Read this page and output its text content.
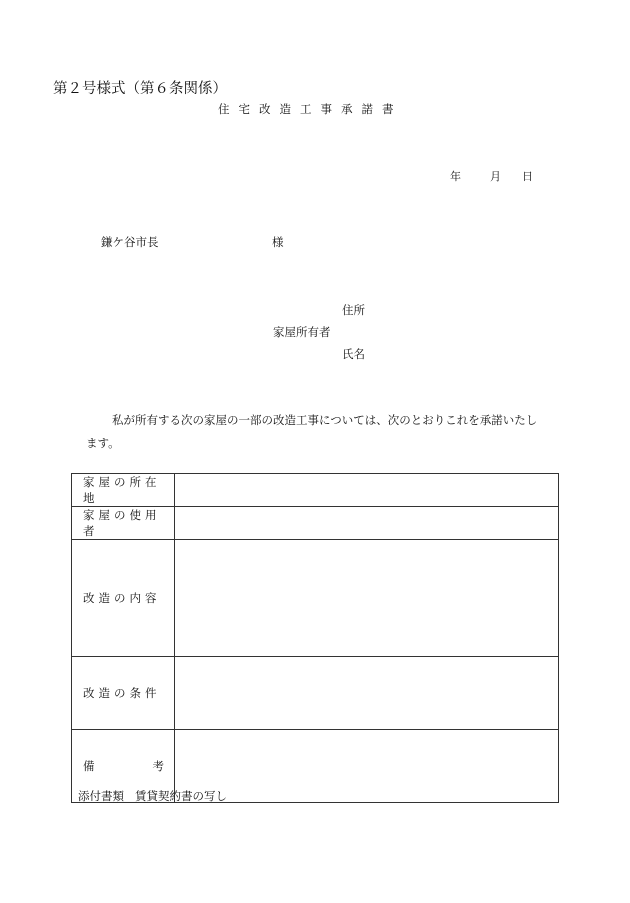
第２号様式（第６条関係）
住宅改造工事承諾書
年	月 日
鎌ケ谷市長	様
住所
家屋所有者
氏名
私が所有する次の家屋の一部の改造工事については、次のとおりこれを承諾いたします。
家屋の所在地	
家屋の使用者	
改造の内容	
改造の条件	

備 考	

添付書類 賃貸契約書の写し
